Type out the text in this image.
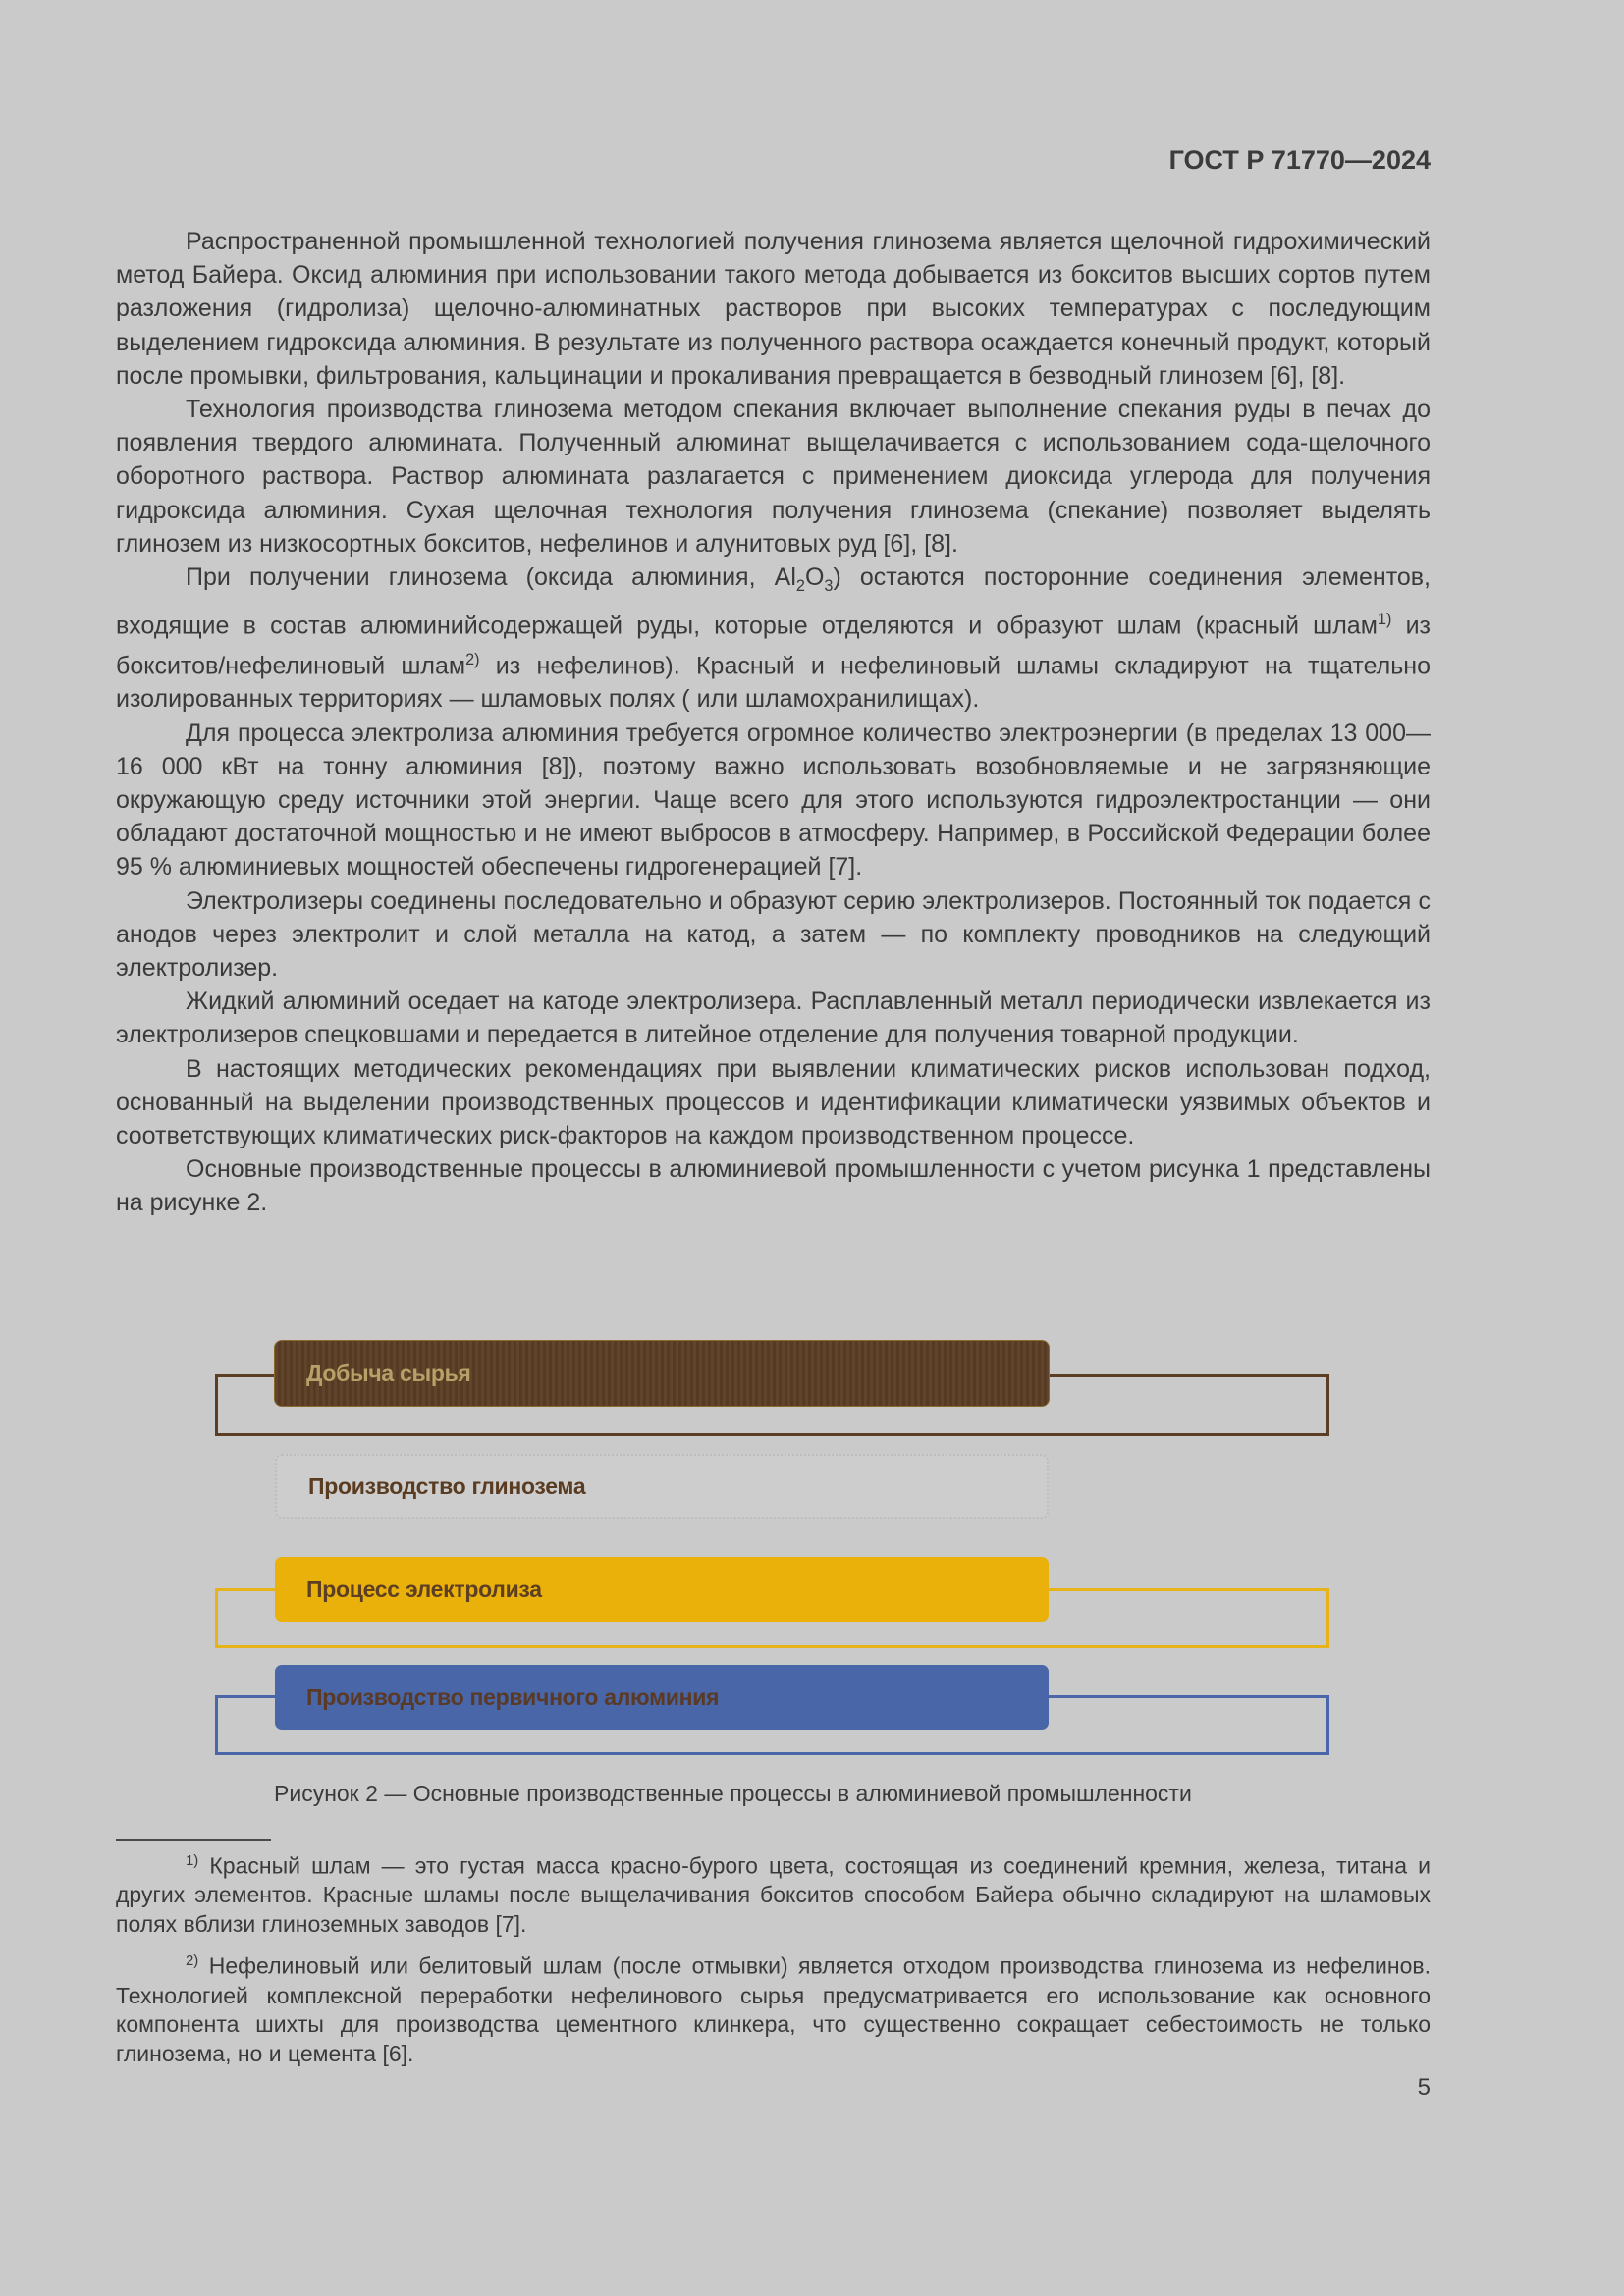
ГОСТ Р 71770—2024

Распространенной промышленной технологией получения глинозема является щелочной гидрохимический метод Байера. Оксид алюминия при использовании такого метода добывается из бокситов высших сортов путем разложения (гидролиза) щелочно-алюминатных растворов при высоких температурах с последующим выделением гидроксида алюминия. В результате из полученного раствора осаждается конечный продукт, который после промывки, фильтрования, кальцинации и прокаливания превращается в безводный глинозем [6], [8].

Технология производства глинозема методом спекания включает выполнение спекания руды в печах до появления твердого алюмината. Полученный алюминат выщелачивается с использованием сода-щелочного оборотного раствора. Раствор алюмината разлагается с применением диоксида углерода для получения гидроксида алюминия. Сухая щелочная технология получения глинозема (спекание) позволяет выделять глинозем из низкосортных бокситов, нефелинов и алунитовых руд [6], [8].

При получении глинозема (оксида алюминия, $Al_2O_3$) остаются посторонние соединения элементов, входящие в состав алюминийсодержащей руды, которые отделяются и образуют шлам (красный шлам$^{1)}$ из бокситов/нефелиновый шлам$^{2)}$ из нефелинов). Красный и нефелиновый шламы складируют на тщательно изолированных территориях — шламовых полях ( или шламохранилищах).

Для процесса электролиза алюминия требуется огромное количество электроэнергии (в пределах 13 000—16 000 кВт на тонну алюминия [8]), поэтому важно использовать возобновляемые и не загрязняющие окружающую среду источники этой энергии. Чаще всего для этого используются гидроэлектростанции — они обладают достаточной мощностью и не имеют выбросов в атмосферу. Например, в Российской Федерации более 95 % алюминиевых мощностей обеспечены гидрогенерацией [7].

Электролизеры соединены последовательно и образуют серию электролизеров. Постоянный ток подается с анодов через электролит и слой металла на катод, а затем — по комплекту проводников на следующий электролизер.

Жидкий алюминий оседает на катоде электролизера. Расплавленный металл периодически извлекается из электролизеров спецковшами и передается в литейное отделение для получения товарной продукции.

В настоящих методических рекомендациях при выявлении климатических рисков использован подход, основанный на выделении производственных процессов и идентификации климатически уязвимых объектов и соответствующих климатических риск-факторов на каждом производственном процессе.

Основные производственные процессы в алюминиевой промышленности с учетом рисунка 1 представлены на рисунке 2.

Добыча сырья
Производство глинозема
Процесс электролиза
Производство первичного алюминия
Рисунок 2 — Основные производственные процессы в алюминиевой промышленности

$^{1)}$ Красный шлам — это густая масса красно-бурого цвета, состоящая из соединений кремния, железа, титана и других элементов. Красные шламы после выщелачивания бокситов способом Байера обычно складируют на шламовых полях вблизи глиноземных заводов [7].

$^{2)}$ Нефелиновый или белитовый шлам (после отмывки) является отходом производства глинозема из нефелинов. Технологией комплексной переработки нефелинового сырья предусматривается его использование как основного компонента шихты для производства цементного клинкера, что существенно сокращает себестоимость не только глинозема, но и цемента [6].

5
